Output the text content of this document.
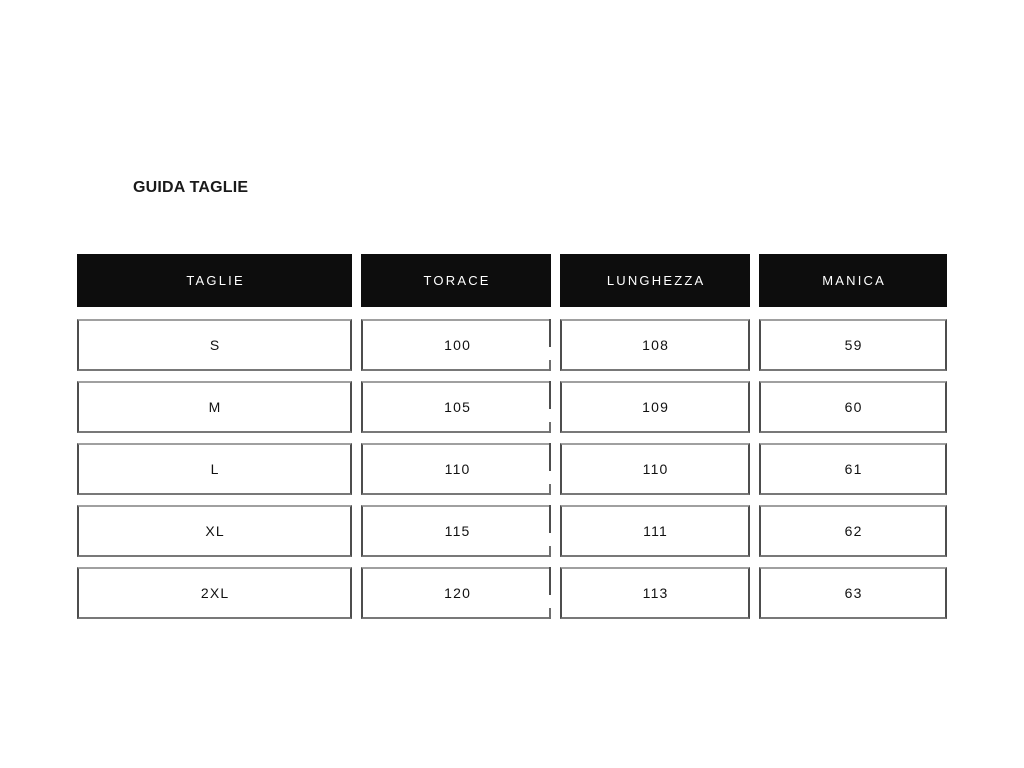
GUIDA TAGLIE
TAGLIE	TORACE	LUNGHEZZA	MANICA
S	100	108	59
M	105	109	60
L	110	110	61
XL	115	111	62
2XL	120	113	63
